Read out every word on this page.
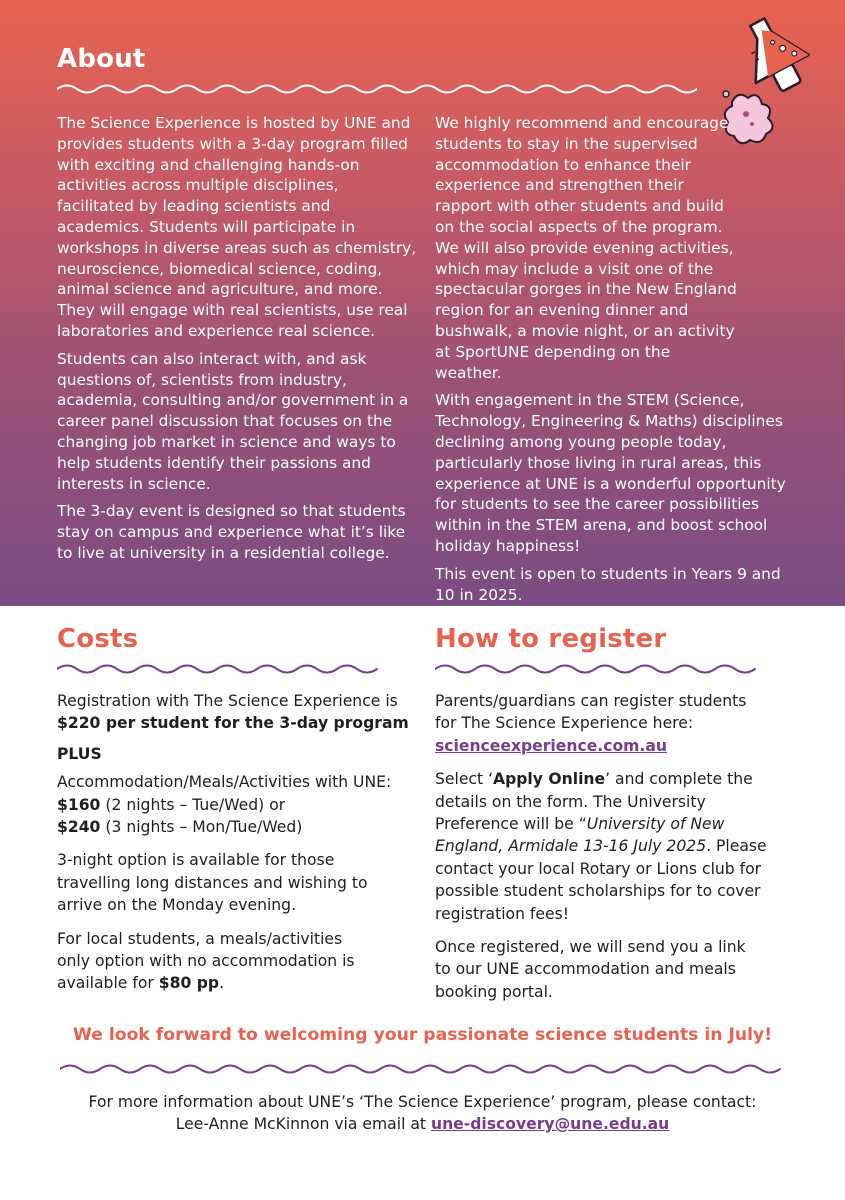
About

The Science Experience is hosted by UNE and provides students with a 3-day program filled with exciting and challenging hands-on activities across multiple disciplines, facilitated by leading scientists and academics. Students will participate in workshops in diverse areas such as chemistry, neuroscience, biomedical science, coding, animal science and agriculture, and more. They will engage with real scientists, use real laboratories and experience real science.

Students can also interact with, and ask questions of, scientists from industry, academia, consulting and/or government in a career panel discussion that focuses on the changing job market in science and ways to help students identify their passions and interests in science.

The 3-day event is designed so that students stay on campus and experience what it’s like to live at university in a residential college.

We highly recommend and encourage students to stay in the supervised accommodation to enhance their experience and strengthen their rapport with other students and build on the social aspects of the program. We will also provide evening activities, which may include a visit one of the spectacular gorges in the New England region for an evening dinner and bushwalk, a movie night, or an activity at SportUNE depending on the weather.

With engagement in the STEM (Science, Technology, Engineering & Maths) disciplines declining among young people today, particularly those living in rural areas, this experience at UNE is a wonderful opportunity for students to see the career possibilities within in the STEM arena, and boost school holiday happiness!

This event is open to students in Years 9 and 10 in 2025.

Costs

Registration with The Science Experience is
$220 per student for the 3-day program

PLUS

Accommodation/Meals/Activities with UNE:
$160 (2 nights – Tue/Wed) or
$240 (3 nights – Mon/Tue/Wed)

3-night option is available for those travelling long distances and wishing to arrive on the Monday evening.

For local students, a meals/activities only option with no accommodation is available for $80 pp.

How to register

Parents/guardians can register students for The Science Experience here:
scienceexperience.com.au

Select ‘Apply Online’ and complete the details on the form. The University Preference will be “University of New England, Armidale 13-16 July 2025. Please contact your local Rotary or Lions club for possible student scholarships for to cover registration fees!

Once registered, we will send you a link to our UNE accommodation and meals booking portal.

We look forward to welcoming your passionate science students in July!
For more information about UNE’s ‘The Science Experience’ program, please contact:
Lee-Anne McKinnon via email at une-discovery@une.edu.au
